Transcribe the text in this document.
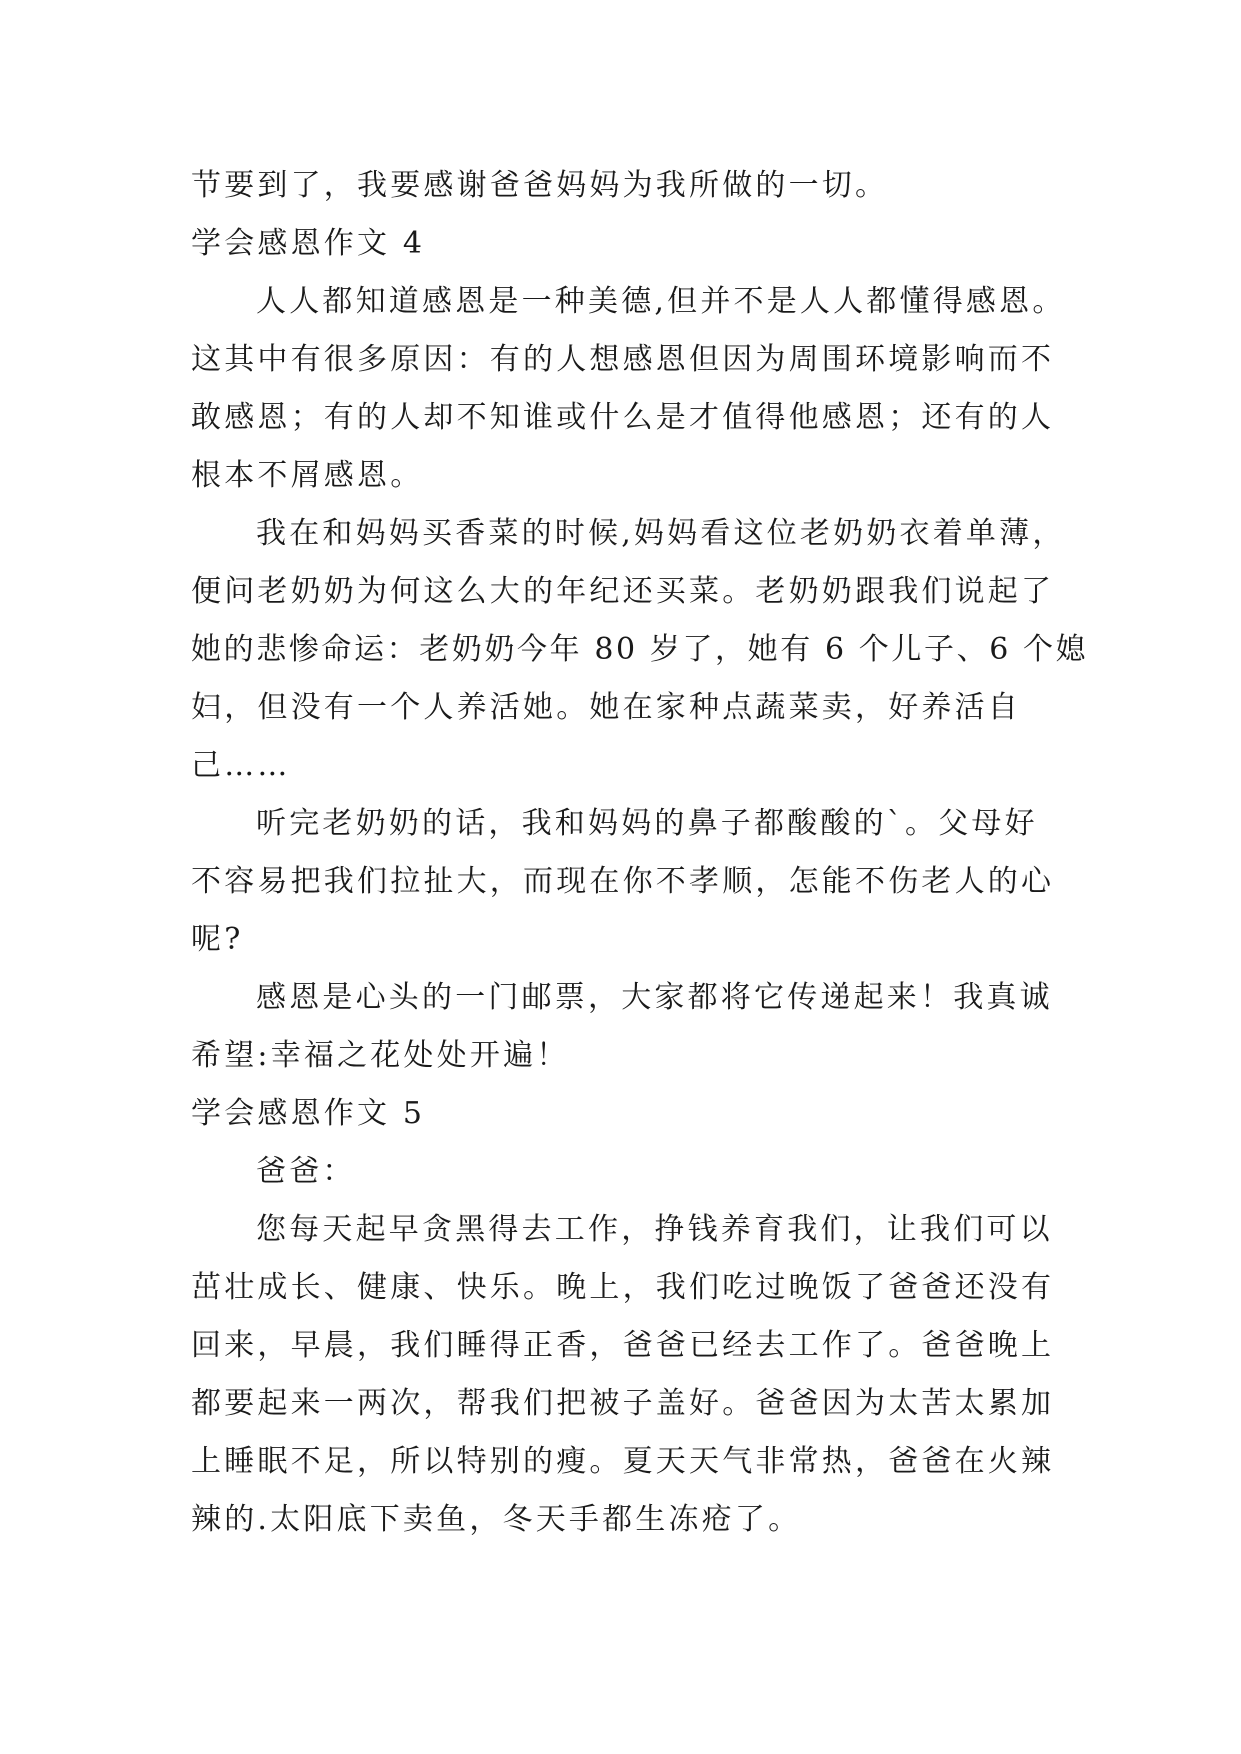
节要到了，我要感谢爸爸妈妈为我所做的一切。
学会感恩作文 4
人人都知道感恩是一种美德,但并不是人人都懂得感恩。
这其中有很多原因：有的人想感恩但因为周围环境影响而不
敢感恩；有的人却不知谁或什么是才值得他感恩；还有的人
根本不屑感恩。
我在和妈妈买香菜的时候,妈妈看这位老奶奶衣着单薄，
便问老奶奶为何这么大的年纪还买菜。老奶奶跟我们说起了
她的悲惨命运：老奶奶今年 80 岁了，她有 6 个儿子、6 个媳
妇，但没有一个人养活她。她在家种点蔬菜卖，好养活自
己……
听完老奶奶的话，我和妈妈的鼻子都酸酸的`。父母好
不容易把我们拉扯大，而现在你不孝顺，怎能不伤老人的心
呢?
感恩是心头的一门邮票，大家都将它传递起来！我真诚
希望:幸福之花处处开遍！
学会感恩作文 5
爸爸：
您每天起早贪黑得去工作，挣钱养育我们，让我们可以
茁壮成长、健康、快乐。晚上，我们吃过晚饭了爸爸还没有
回来，早晨，我们睡得正香，爸爸已经去工作了。爸爸晚上
都要起来一两次，帮我们把被子盖好。爸爸因为太苦太累加
上睡眠不足，所以特别的瘦。夏天天气非常热，爸爸在火辣
辣的.太阳底下卖鱼，冬天手都生冻疮了。
